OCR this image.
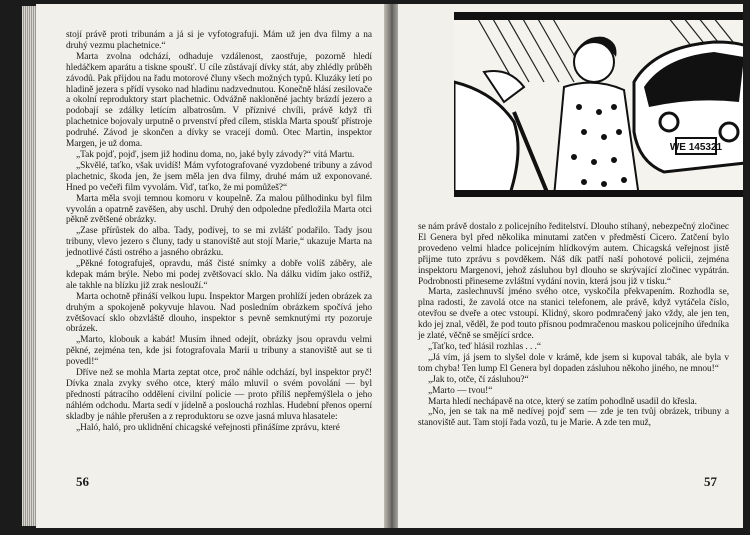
stojí právě proti tribunám a já si je vyfotografuji. Mám už jen dva filmy a na druhý vezmu plachetnice.“

Marta zvolna odchází, odhaduje vzdálenost, zaostřuje, pozorně hledí hledáčkem aparátu a tiskne spoušť. U cíle zůstávají dívky stát, aby zhlédly průběh závodů. Pak přijdou na řadu motorové čluny všech možných typů. Kluzáky letí po hladině jezera s přídí vysoko nad hladinu nadzvednutou. Konečně hlásí zesilovače a okolní reproduktory start plachetnic. Odvážně nakloněné jachty brázdí jezero a podobají se zdálky letícím albatrosům. V příznivé chvíli, právě když tři plachetnice bojovaly urputně o prvenství před cílem, stiskla Marta spoušť přístroje podruhé. Závod je skončen a dívky se vracejí domů. Otec Martin, inspektor Margen, je už doma.

„Tak pojď, pojď, jsem již hodinu doma, no, jaké byly závody?“ vítá Martu.

„Skvělé, taťko, však uvidíš! Mám vyfotografované vyzdobené tribuny a závod plachetnic, škoda jen, že jsem měla jen dva filmy, druhé mám už exponované. Hned po večeři film vyvolám. Viď, taťko, že mi pomůžeš?“

Marta měla svoji temnou komoru v koupelně. Za malou půlhodinku byl film vyvolán a opatrně zavěšen, aby uschl. Druhý den odpoledne předložila Marta otci pěkně zvětšené obrázky.

„Zase přírůstek do alba. Tady, podívej, to se mi zvlášť podařilo. Tady jsou tribuny, vlevo jezero s čluny, tady u stanoviště aut stojí Marie,“ ukazuje Marta na jednotlivé části ostrého a jasného obrázku.

„Pěkné fotografuješ, opravdu, máš čisté snímky a dobře volíš záběry, ale kdepak mám brýle. Nebo mi podej zvětšovací sklo. Na dálku vidím jako ostříž, ale takhle na blízku již zrak neslouží.“

Marta ochotně přináší velkou lupu. Inspektor Margen prohlíží jeden obrázek za druhým a spokojeně pokyvuje hlavou. Nad posledním obrázkem spočívá jeho zvětšovací sklo obzvláště dlouho, inspektor s pevně semknutými rty pozoruje obrázek.

„Marto, klobouk a kabát! Musím ihned odejít, obrázky jsou opravdu velmi pěkné, zejména ten, kde jsi fotografovala Marii u tribuny a stanoviště aut se ti povedl!“

Dříve než se mohla Marta zeptat otce, proč náhle odchází, byl inspektor pryč! Dívka znala zvyky svého otce, který málo mluvil o svém povolání — byl předností pátracího oddělení civilní policie — proto příliš nepřemýšlela o jeho náhlém odchodu. Marta sedí v jídelně a poslouchá rozhlas. Hudební přenos operní skladby je náhle přerušen a z reproduktoru se ozve jasná mluva hlasatele:

„Haló, haló, pro uklidnění chicagské veřejnosti přinášíme zprávu, které

56
WE 145321

se nám právě dostalo z policejního ředitelství. Dlouho stíhaný, nebezpečný zločinec El Genera byl před několika minutami zatčen v předměstí Cicero. Zatčení bylo provedeno velmi hladce policejním hlídkovým autem. Chicagská veřejnost jistě přijme tuto zprávu s povděkem. Náš dík patří naší pohotové policii, zejména inspektoru Margenovi, jehož zásluhou byl dlouho se skrývající zločinec vypátrán. Podrobnosti přineseme zvláštní vydání novin, která jsou již v tisku.“

Marta, zaslechnuvší jméno svého otce, vyskočila překvapením. Rozhodla se, plna radosti, že zavolá otce na stanici telefonem, ale právě, když vytáčela číslo, otevřou se dveře a otec vstoupí. Klidný, skoro podmračený jako vždy, ale jen ten, kdo jej znal, věděl, že pod touto přísnou podmračenou maskou policejního úředníka je zlaté, věčně se smějící srdce.

„Taťko, teď hlásil rozhlas . . .“

„Já vím, já jsem to slyšel dole v krámě, kde jsem si kupoval tabák, ale byla v tom chyba! Ten lump El Genera byl dopaden zásluhou někoho jiného, ne mnou!“

„Jak to, otče, čí zásluhou?“

„Marto — tvou!“

Marta hledí nechápavě na otce, který se zatím pohodlně usadil do křesla.

„No, jen se tak na mě nedívej pojď sem — zde je ten tvůj obrázek, tribuny a stanoviště aut. Tam stojí řada vozů, tu je Marie. A zde ten muž,

57
